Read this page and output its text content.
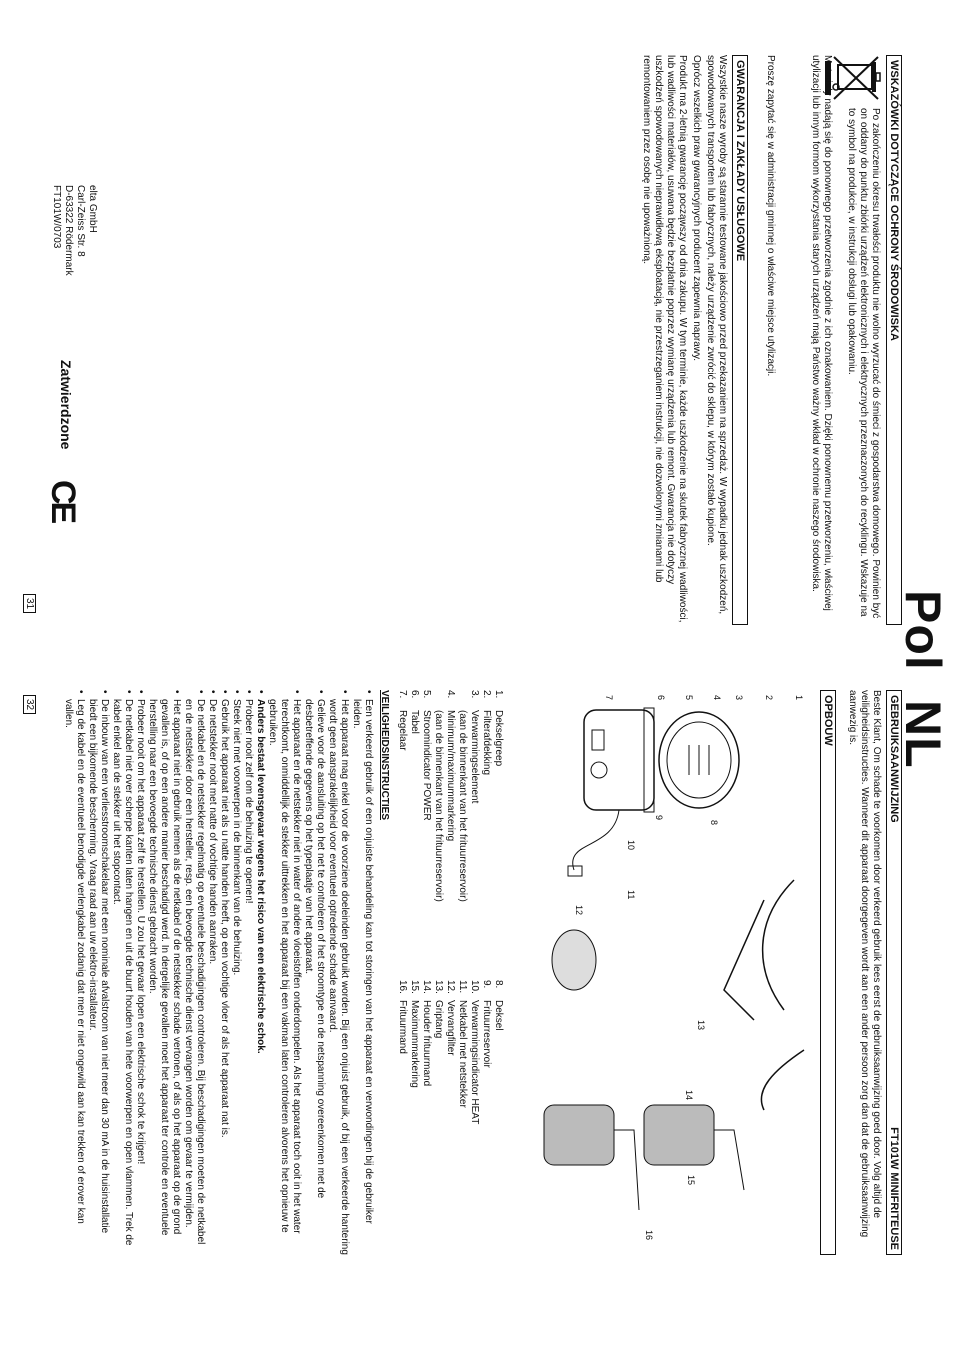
Pol
WSKAZÓWKI DOTYCZĄCE OCHRONY ŚRODOWISKA
Po zakończeniu okresu trwałości produktu nie wolno wyrzucać do śmieci z gospodarstwa domowego. Powinien być on oddany do punktu zbiórki urządzeń elektronicznych i elektrycznych przeznaczonych do recyklingu. Wskazuje na to symbol na produkcie, w instrukcji obsługi lub opakowaniu.
Materiały nadają się do ponownego przetworzenia zgodnie z ich oznakowaniem. Dzięki ponownemu przetworzeniu, właściwej utylizacji lub innym formom wykorzystania starych urządzeń mają Państwo ważny wkład w ochronie naszego środowiska.
Proszę zapytać się w administracji gminnej o właściwe miejsce utylizacji.
GWARANCJA I ZAKŁADY USŁUGOWE
Wszystkie nasze wyroby są starannie testowane jakościowo przed przekazaniem na sprzedaż. W wypadku jednak uszkodzeń, spowodowanych transportem lub fabrycznych, należy urządzenie zwrócić do sklepu, w którym zostało kupione.
Oprócz wszelkich praw gwarancyjnych producent zapewnia naprawy.
Produkt ma 2-letnią gwarancję począwszy od dnia zakupu. W tym terminie, każde uszkodzenie na skutek fabrycznej wadliwości, lub wadliwości materiałów, usuwana będzie bezpłatnie poprzez wymianę urządzenia lub remont. Gwarancja nie dotyczy uszkodzeń spowodowanych nieprawidłową eksploatacją, nie przestrzeganiem instrukcji, nie dozwolonymi zmianami lub remontowaniem przez osobę nie upoważnioną.
elta GmbH
Carl-Zeiss Str. 8
D-63322 Rödermark
FT101W/0703
Zatwierdzone
CE
31
NL
GEBRUIKSAANWIJZING
FT101W MINIFRITEUSE
Beste Klant, Om schade te voorkomen door verkeerd gebruik lees eerst de gebruiksaanwijzing goed door. Volg altijd de veiligheidsinstructies. Wanneer dit apparaat doorgegeven wordt aan een ander persoon zorg dan dat de gebruiksaanwijzing aanwezig is.
OPBOUW
1
2
3
4
5
6
7
8
9
10
11
12
13
14
15
16
1.
Dekselgreep
2.
Filterafdekking
3.
Verwarmingselement
(aan de binnenkant van het frituurreservoir)
4.
Minimum/maximummarkering
(aan de binnenkant van het frituurreservoir)
5.
Stroomindicator POWER
6.
Tabel
7.
Regelaar
8.
Deksel
9.
Frituurreservoir
10.
Verwarmingsindicator HEAT
11.
Netkabel met netstekker
12.
Vervangfilter
13.
Griptang
14.
Houder frituurmand
15.
Maximummarkering
16.
Frituurmand
VEILIGHEIDSINSTRUCTIES
• Een verkeerd gebruik of een onjuiste behandeling kan tot storingen van het apparaat en verwondingen bij de gebruiker leiden.
• Het apparaat mag enkel voor de voorziene doeleinden gebruikt worden. Bij een onjuist gebruik, of bij een verkeerde hantering wordt geen aansprakelijkheid voor eventueel optredende schade aanvaard.
• Gelieve voor de aansluiting op het net te controleren of het stroomtype en de netspanning overeenkomen met de desbetreffende gegevens op het typeplaatje van het apparaat.
• Het apparaat en de netstekker niet in water of andere vloeistoffen onderdompelen. Als het apparaat toch ooit in het water terechtkomt, onmiddellijk de stekker uittrekken en het apparaat bij een vakman laten controleren alvorens het opnieuw te gebruiken.
• Anders bestaat levensgevaar wegens het risico van een elektrische schok.
• Probeer nooit zelf om de behuizing te openen!
• Steek niet met voorwerpen in de binnenkant van de behuizing.
• Gebruik het apparaat niet als u natte handen heeft, op een vochtige vloer of als het apparaat nat is.
• De netstekker nooit met natte of vochtige handen aanraken.
• De netkabel en de netstekker regelmatig op eventuele beschadigingen controleren. Bij beschadigingen moeten de netkabel en de netstekker door een hersteller, resp. een bevoegde technische dienst vervangen worden om gevaar te vermijden.
• Het apparaat niet in gebruik nemen als de netkabel of de netstekker schade vertonen, of als op het apparaat op de grond gevallen is, of op een andere manier beschadigd werd. In dergelijke gevallen moet het apparaat ter controle en eventuele herstelling naar een bevoegde technische dienst gebracht worden.
• Probeer nooit om het apparaat zelf te herstellen. U zou het gevaar lopen een elektrische schok te krijgen!
• De netkabel niet over scherpe kanten laten hangen en uit de buurt houden van hete voorwerpen en open vlammen. Trek de kabel enkel aan de stekker uit het stopcontact.
• De inbouw van een verliesstroomschakelaar met een nominale afvalstroom van niet meer dan 30 mA in de huisinstallatie biedt een bijkomende bescherming. Vraag raad aan uw elektro-installateur.
• Leg de kabel en de eventueel benodigde verlengkabel zodanig dat men er niet ongewild aan kan trekken of erover kan vallen.
32
